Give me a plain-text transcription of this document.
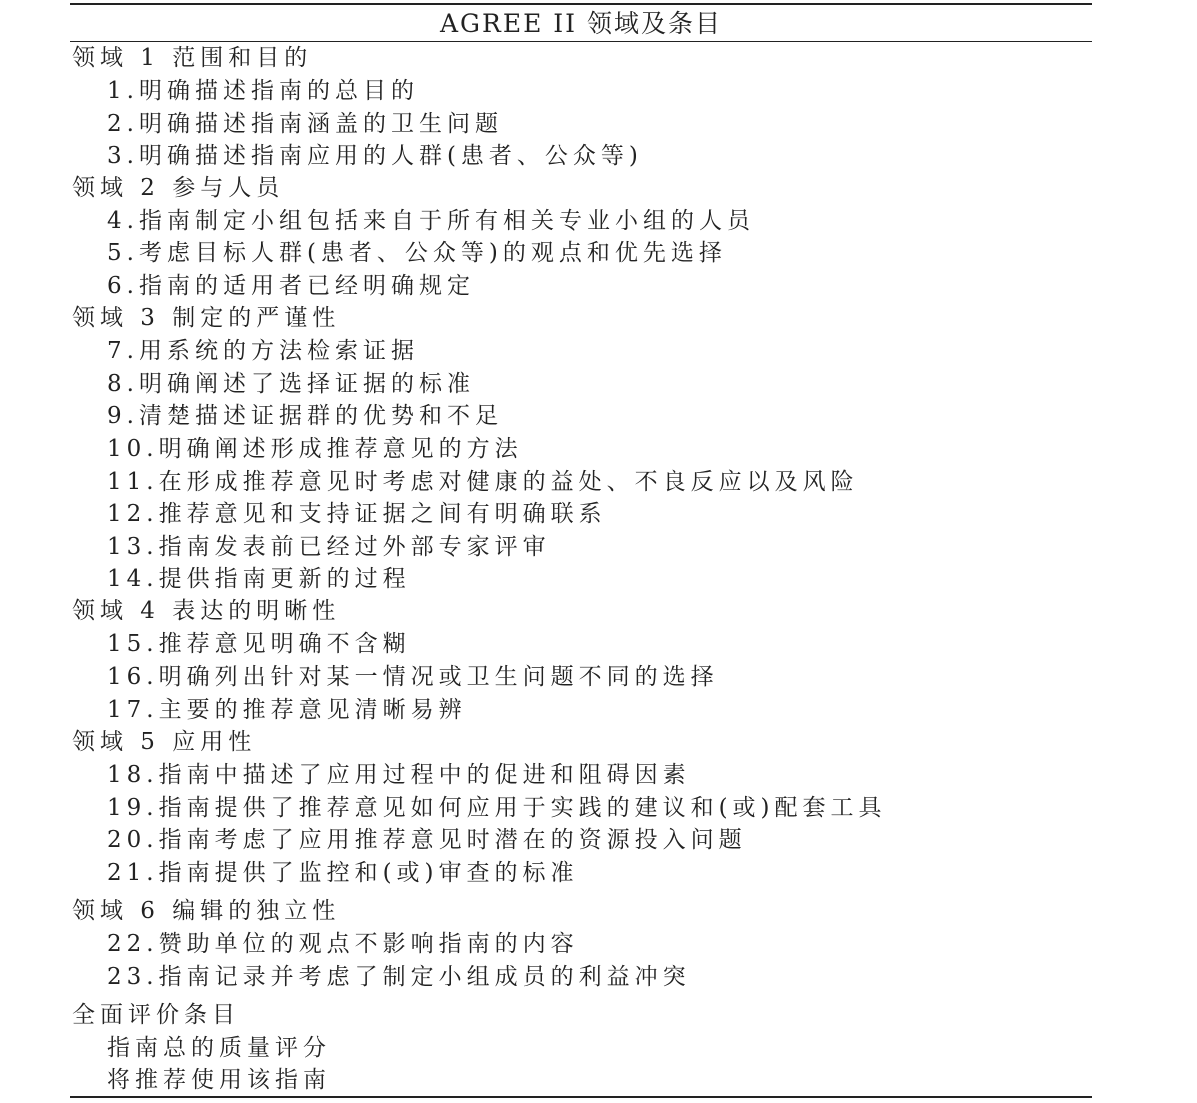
AGREE II 领域及条目
领域 1 范围和目的
1.明确描述指南的总目的
2.明确描述指南涵盖的卫生问题
3.明确描述指南应用的人群(患者、公众等)
领域 2 参与人员
4.指南制定小组包括来自于所有相关专业小组的人员
5.考虑目标人群(患者、公众等)的观点和优先选择
6.指南的适用者已经明确规定
领域 3 制定的严谨性
7.用系统的方法检索证据
8.明确阐述了选择证据的标准
9.清楚描述证据群的优势和不足
10.明确阐述形成推荐意见的方法
11.在形成推荐意见时考虑对健康的益处、不良反应以及风险
12.推荐意见和支持证据之间有明确联系
13.指南发表前已经过外部专家评审
14.提供指南更新的过程
领域 4 表达的明晰性
15.推荐意见明确不含糊
16.明确列出针对某一情况或卫生问题不同的选择
17.主要的推荐意见清晰易辨
领域 5 应用性
18.指南中描述了应用过程中的促进和阻碍因素
19.指南提供了推荐意见如何应用于实践的建议和(或)配套工具
20.指南考虑了应用推荐意见时潜在的资源投入问题
21.指南提供了监控和(或)审查的标准
领域 6 编辑的独立性
22.赞助单位的观点不影响指南的内容
23.指南记录并考虑了制定小组成员的利益冲突
全面评价条目
指南总的质量评分
将推荐使用该指南
